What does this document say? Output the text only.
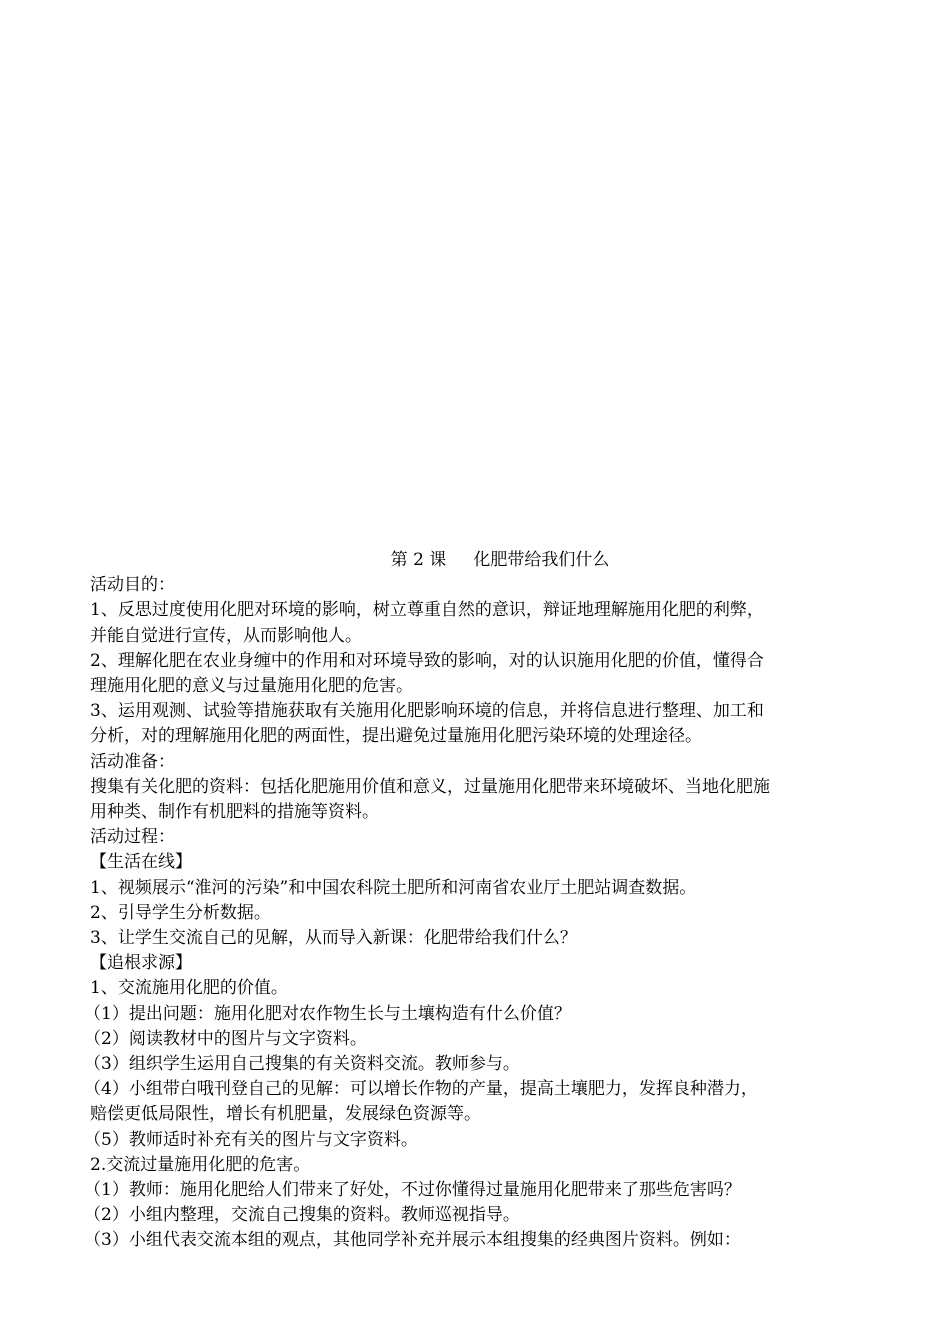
第 2 课     化肥带给我们什么

活动目的：

1、反思过度使用化肥对环境的影响，树立尊重自然的意识，辩证地理解施用化肥的利弊，

并能自觉进行宣传，从而影响他人。

2、理解化肥在农业身缠中的作用和对环境导致的影响，对的认识施用化肥的价值，懂得合

理施用化肥的意义与过量施用化肥的危害。

3、运用观测、试验等措施获取有关施用化肥影响环境的信息，并将信息进行整理、加工和

分析，对的理解施用化肥的两面性，提出避免过量施用化肥污染环境的处理途径。

活动准备：

搜集有关化肥的资料：包括化肥施用价值和意义，过量施用化肥带来环境破坏、当地化肥施

用种类、制作有机肥料的措施等资料。

活动过程：

【生活在线】

1、视频展示“淮河的污染”和中国农科院土肥所和河南省农业厅土肥站调查数据。

2、引导学生分析数据。

3、让学生交流自己的见解，从而导入新课：化肥带给我们什么？

【追根求源】

1、交流施用化肥的价值。

（1）提出问题：施用化肥对农作物生长与土壤构造有什么价值？

（2）阅读教材中的图片与文字资料。

（3）组织学生运用自己搜集的有关资料交流。教师参与。

（4）小组带白哦刊登自己的见解：可以增长作物的产量，提高土壤肥力，发挥良种潜力，

赔偿更低局限性，增长有机肥量，发展绿色资源等。

（5）教师适时补充有关的图片与文字资料。

2.交流过量施用化肥的危害。

（1）教师：施用化肥给人们带来了好处，不过你懂得过量施用化肥带来了那些危害吗？

（2）小组内整理，交流自己搜集的资料。教师巡视指导。

（3）小组代表交流本组的观点，其他同学补充并展示本组搜集的经典图片资料。例如：
